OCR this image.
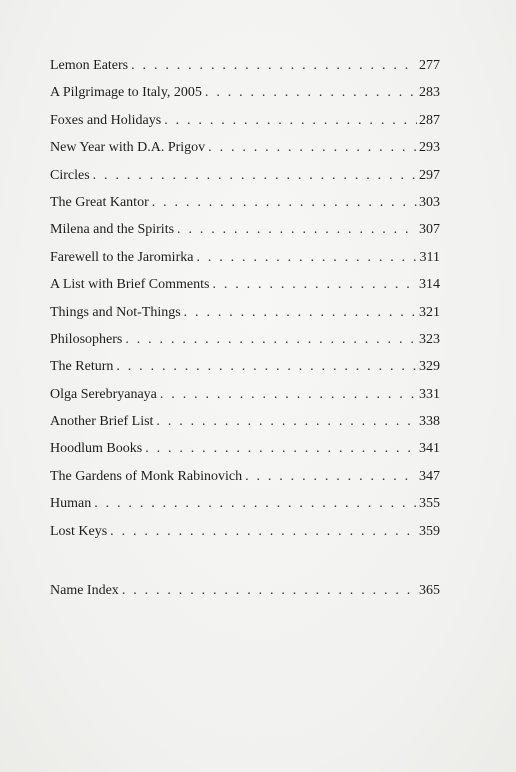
Lemon Eaters . . .	277
A Pilgrimage to Italy, 2005 . . .	283
Foxes and Holidays . . .	287
New Year with D.A. Prigov . . .	293
Circles . . .	297
The Great Kantor . . .	303
Milena and the Spirits . . .	307
Farewell to the Jaromirka . . .	311
A List with Brief Comments . . .	314
Things and Not-Things . . .	321
Philosophers . . .	323
The Return . . .	329
Olga Serebryanaya . . .	331
Another Brief List . . .	338
Hoodlum Books . . .	341
The Gardens of Monk Rabinovich . . .	347
Human . . .	355
Lost Keys . . .	359
Name Index . . .	365
